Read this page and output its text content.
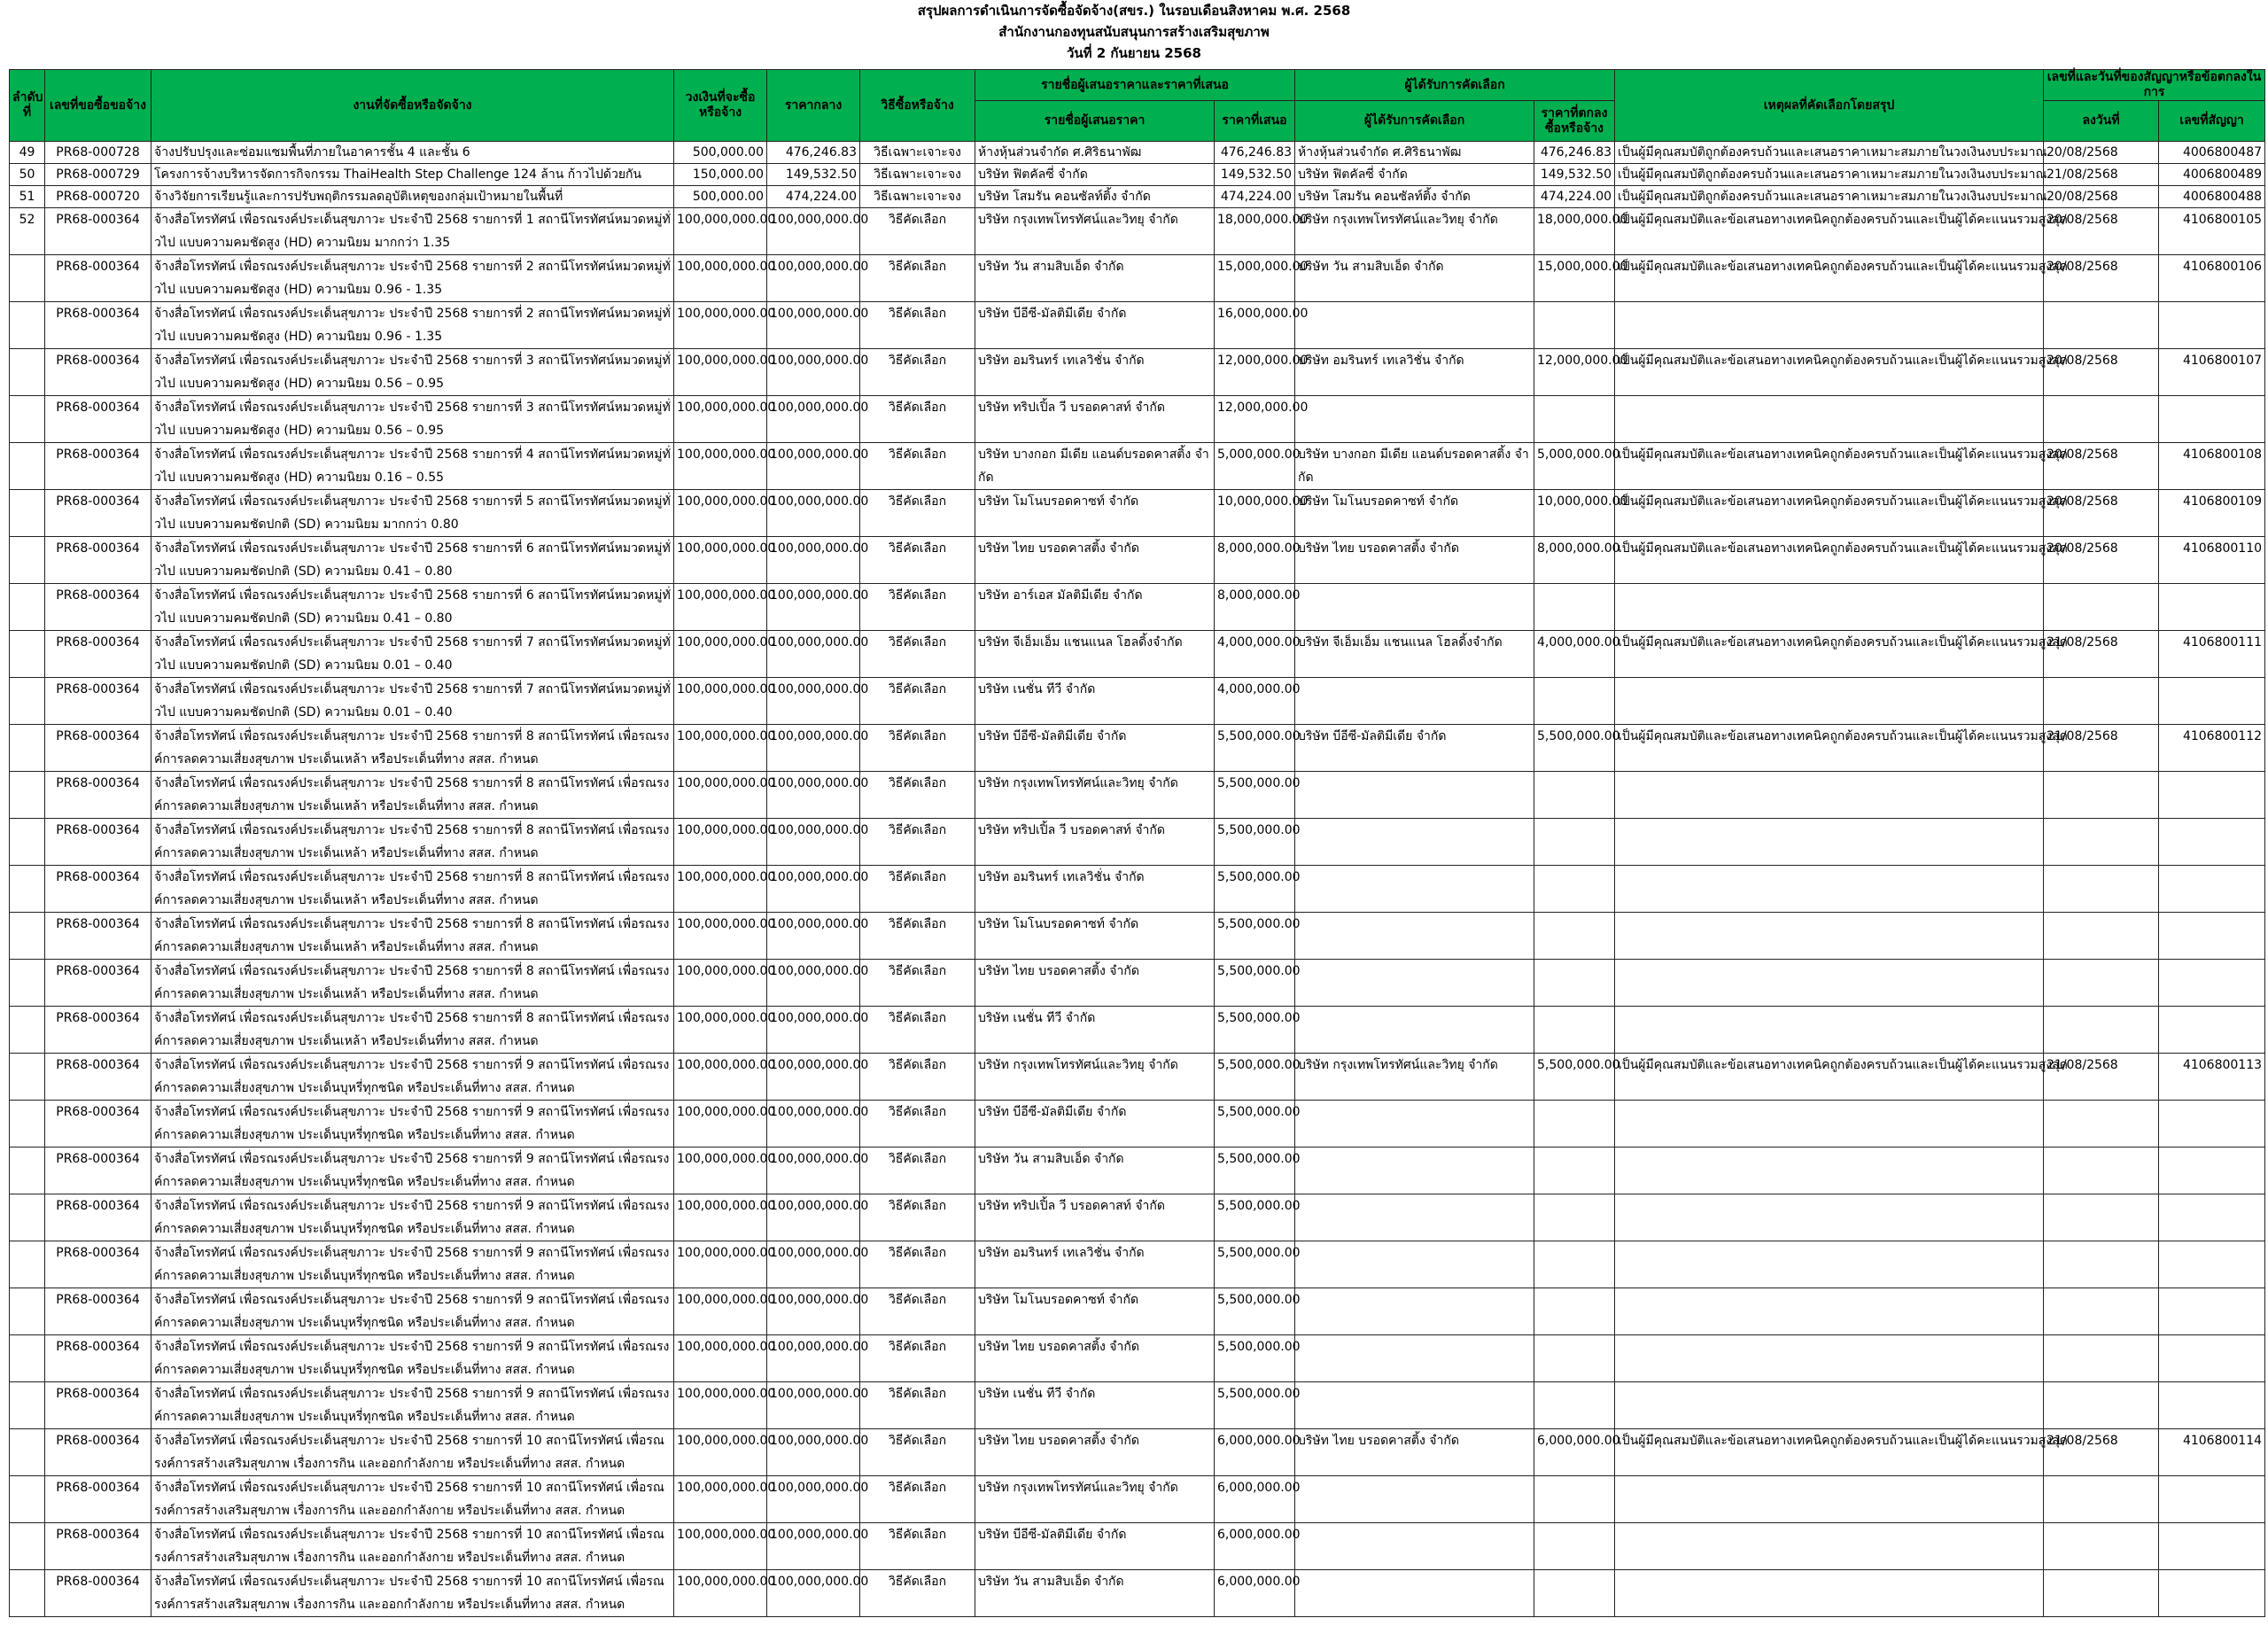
สรุปผลการดำเนินการจัดซื้อจัดจ้าง(สขร.) ในรอบเดือนสิงหาคม พ.ศ. 2568
สำนักงานกองทุนสนับสนุนการสร้างเสริมสุขภาพ
วันที่ 2 กันยายน 2568
ลำดับที่	เลขที่ขอซื้อขอจ้าง	งานที่จัดซื้อหรือจัดจ้าง	วงเงินที่จะซื้อหรือจ้าง	ราคากลาง	วิธีซื้อหรือจ้าง	รายชื่อผู้เสนอราคาและราคาที่เสนอ		ผู้ได้รับการคัดเลือก		เหตุผลที่คัดเลือกโดยสรุป	เลขที่และวันที่ของสัญญาหรือข้อตกลงในการ	
						รายชื่อผู้เสนอราคา	ราคาที่เสนอ	ผู้ได้รับการคัดเลือก	ราคาที่ตกลงซื้อหรือจ้าง		ลงวันที่	เลขที่สัญญา
49	PR68-000728	จ้างปรับปรุงและซ่อมแซมพื้นที่ภายในอาคารชั้น 4 และชั้น 6	500,000.00	476,246.83	วิธีเฉพาะเจาะจง	ห้างหุ้นส่วนจำกัด ศ.ศิริธนาพัฒ	476,246.83	ห้างหุ้นส่วนจำกัด ศ.ศิริธนาพัฒ	476,246.83	เป็นผู้มีคุณสมบัติถูกต้องครบถ้วนและเสนอราคาเหมาะสมภายในวงเงินงบประมาณ	20/08/2568	4006800487
50	PR68-000729	โครงการจ้างบริหารจัดการกิจกรรม ThaiHealth Step Challenge 124 ล้าน ก้าวไปด้วยกัน	150,000.00	149,532.50	วิธีเฉพาะเจาะจง	บริษัท ฟิตคัลซี่ จำกัด	149,532.50	บริษัท ฟิตคัลซี่ จำกัด	149,532.50	เป็นผู้มีคุณสมบัติถูกต้องครบถ้วนและเสนอราคาเหมาะสมภายในวงเงินงบประมาณ	21/08/2568	4006800489
51	PR68-000720	จ้างวิจัยการเรียนรู้และการปรับพฤติกรรมลดอุบัติเหตุของกลุ่มเป้าหมายในพื้นที่	500,000.00	474,224.00	วิธีเฉพาะเจาะจง	บริษัท โสมรัน คอนซัลท์ติ้ง จำกัด	474,224.00	บริษัท โสมรัน คอนซัลท์ติ้ง จำกัด	474,224.00	เป็นผู้มีคุณสมบัติถูกต้องครบถ้วนและเสนอราคาเหมาะสมภายในวงเงินงบประมาณ	20/08/2568	4006800488
52	PR68-000364	จ้างสื่อโทรทัศน์ เพื่อรณรงค์ประเด็นสุขภาวะ ประจำปี 2568 รายการที่ 1 สถานีโทรทัศน์หมวดหมู่ทั่วไป แบบความคมชัดสูง (HD) ความนิยม มากกว่า 1.35	100,000,000.00	100,000,000.00	วิธีคัดเลือก	บริษัท กรุงเทพโทรทัศน์และวิทยุ จำกัด	18,000,000.00	บริษัท กรุงเทพโทรทัศน์และวิทยุ จำกัด	18,000,000.00	เป็นผู้มีคุณสมบัติและข้อเสนอทางเทคนิคถูกต้องครบถ้วนและเป็นผู้ได้คะแนนรวมสูงสุด	20/08/2568	4106800105
	PR68-000364	จ้างสื่อโทรทัศน์ เพื่อรณรงค์ประเด็นสุขภาวะ ประจำปี 2568 รายการที่ 2 สถานีโทรทัศน์หมวดหมู่ทั่วไป แบบความคมชัดสูง (HD) ความนิยม 0.96 - 1.35	100,000,000.00	100,000,000.00	วิธีคัดเลือก	บริษัท วัน สามสิบเอ็ด จำกัด	15,000,000.00	บริษัท วัน สามสิบเอ็ด จำกัด	15,000,000.00	เป็นผู้มีคุณสมบัติและข้อเสนอทางเทคนิคถูกต้องครบถ้วนและเป็นผู้ได้คะแนนรวมสูงสุด	20/08/2568	4106800106
	PR68-000364	จ้างสื่อโทรทัศน์ เพื่อรณรงค์ประเด็นสุขภาวะ ประจำปี 2568 รายการที่ 2 สถานีโทรทัศน์หมวดหมู่ทั่วไป แบบความคมชัดสูง (HD) ความนิยม 0.96 - 1.35	100,000,000.00	100,000,000.00	วิธีคัดเลือก	บริษัท บีอีซี-มัลติมีเดีย จำกัด	16,000,000.00					
	PR68-000364	จ้างสื่อโทรทัศน์ เพื่อรณรงค์ประเด็นสุขภาวะ ประจำปี 2568 รายการที่ 3 สถานีโทรทัศน์หมวดหมู่ทั่วไป แบบความคมชัดสูง (HD) ความนิยม 0.56 – 0.95	100,000,000.00	100,000,000.00	วิธีคัดเลือก	บริษัท อมรินทร์ เทเลวิชั่น จำกัด	12,000,000.00	บริษัท อมรินทร์ เทเลวิชั่น จำกัด	12,000,000.00	เป็นผู้มีคุณสมบัติและข้อเสนอทางเทคนิคถูกต้องครบถ้วนและเป็นผู้ได้คะแนนรวมสูงสุด	20/08/2568	4106800107
	PR68-000364	จ้างสื่อโทรทัศน์ เพื่อรณรงค์ประเด็นสุขภาวะ ประจำปี 2568 รายการที่ 3 สถานีโทรทัศน์หมวดหมู่ทั่วไป แบบความคมชัดสูง (HD) ความนิยม 0.56 – 0.95	100,000,000.00	100,000,000.00	วิธีคัดเลือก	บริษัท ทริปเปิ้ล วี บรอดคาสท์ จำกัด	12,000,000.00					
	PR68-000364	จ้างสื่อโทรทัศน์ เพื่อรณรงค์ประเด็นสุขภาวะ ประจำปี 2568 รายการที่ 4 สถานีโทรทัศน์หมวดหมู่ทั่วไป แบบความคมชัดสูง (HD) ความนิยม 0.16 – 0.55	100,000,000.00	100,000,000.00	วิธีคัดเลือก	บริษัท บางกอก มีเดีย แอนด์บรอดคาสติ้ง จำกัด	5,000,000.00	บริษัท บางกอก มีเดีย แอนด์บรอดคาสติ้ง จำกัด	5,000,000.00	เป็นผู้มีคุณสมบัติและข้อเสนอทางเทคนิคถูกต้องครบถ้วนและเป็นผู้ได้คะแนนรวมสูงสุด	20/08/2568	4106800108
	PR68-000364	จ้างสื่อโทรทัศน์ เพื่อรณรงค์ประเด็นสุขภาวะ ประจำปี 2568 รายการที่ 5 สถานีโทรทัศน์หมวดหมู่ทั่วไป แบบความคมชัดปกติ (SD) ความนิยม มากกว่า 0.80	100,000,000.00	100,000,000.00	วิธีคัดเลือก	บริษัท โมโนบรอดคาซท์ จำกัด	10,000,000.00	บริษัท โมโนบรอดคาซท์ จำกัด	10,000,000.00	เป็นผู้มีคุณสมบัติและข้อเสนอทางเทคนิคถูกต้องครบถ้วนและเป็นผู้ได้คะแนนรวมสูงสุด	20/08/2568	4106800109
	PR68-000364	จ้างสื่อโทรทัศน์ เพื่อรณรงค์ประเด็นสุขภาวะ ประจำปี 2568 รายการที่ 6 สถานีโทรทัศน์หมวดหมู่ทั่วไป แบบความคมชัดปกติ (SD) ความนิยม 0.41 – 0.80	100,000,000.00	100,000,000.00	วิธีคัดเลือก	บริษัท ไทย บรอดคาสติ้ง จำกัด	8,000,000.00	บริษัท ไทย บรอดคาสติ้ง จำกัด	8,000,000.00	เป็นผู้มีคุณสมบัติและข้อเสนอทางเทคนิคถูกต้องครบถ้วนและเป็นผู้ได้คะแนนรวมสูงสุด	20/08/2568	4106800110
	PR68-000364	จ้างสื่อโทรทัศน์ เพื่อรณรงค์ประเด็นสุขภาวะ ประจำปี 2568 รายการที่ 6 สถานีโทรทัศน์หมวดหมู่ทั่วไป แบบความคมชัดปกติ (SD) ความนิยม 0.41 – 0.80	100,000,000.00	100,000,000.00	วิธีคัดเลือก	บริษัท อาร์เอส มัลติมีเดีย จำกัด	8,000,000.00					
	PR68-000364	จ้างสื่อโทรทัศน์ เพื่อรณรงค์ประเด็นสุขภาวะ ประจำปี 2568 รายการที่ 7 สถานีโทรทัศน์หมวดหมู่ทั่วไป แบบความคมชัดปกติ (SD) ความนิยม 0.01 – 0.40	100,000,000.00	100,000,000.00	วิธีคัดเลือก	บริษัท จีเอ็มเอ็ม แชนแนล โฮลดิ้งจำกัด	4,000,000.00	บริษัท จีเอ็มเอ็ม แชนแนล โฮลดิ้งจำกัด	4,000,000.00	เป็นผู้มีคุณสมบัติและข้อเสนอทางเทคนิคถูกต้องครบถ้วนและเป็นผู้ได้คะแนนรวมสูงสุด	21/08/2568	4106800111
	PR68-000364	จ้างสื่อโทรทัศน์ เพื่อรณรงค์ประเด็นสุขภาวะ ประจำปี 2568 รายการที่ 7 สถานีโทรทัศน์หมวดหมู่ทั่วไป แบบความคมชัดปกติ (SD) ความนิยม 0.01 – 0.40	100,000,000.00	100,000,000.00	วิธีคัดเลือก	บริษัท เนชั่น ทีวี จำกัด	4,000,000.00					
	PR68-000364	จ้างสื่อโทรทัศน์ เพื่อรณรงค์ประเด็นสุขภาวะ ประจำปี 2568 รายการที่ 8 สถานีโทรทัศน์ เพื่อรณรงค์การลดความเสี่ยงสุขภาพ ประเด็นเหล้า หรือประเด็นที่ทาง สสส. กำหนด	100,000,000.00	100,000,000.00	วิธีคัดเลือก	บริษัท บีอีซี-มัลติมีเดีย จำกัด	5,500,000.00	บริษัท บีอีซี-มัลติมีเดีย จำกัด	5,500,000.00	เป็นผู้มีคุณสมบัติและข้อเสนอทางเทคนิคถูกต้องครบถ้วนและเป็นผู้ได้คะแนนรวมสูงสุด	21/08/2568	4106800112
	PR68-000364	จ้างสื่อโทรทัศน์ เพื่อรณรงค์ประเด็นสุขภาวะ ประจำปี 2568 รายการที่ 8 สถานีโทรทัศน์ เพื่อรณรงค์การลดความเสี่ยงสุขภาพ ประเด็นเหล้า หรือประเด็นที่ทาง สสส. กำหนด	100,000,000.00	100,000,000.00	วิธีคัดเลือก	บริษัท กรุงเทพโทรทัศน์และวิทยุ จำกัด	5,500,000.00					
	PR68-000364	จ้างสื่อโทรทัศน์ เพื่อรณรงค์ประเด็นสุขภาวะ ประจำปี 2568 รายการที่ 8 สถานีโทรทัศน์ เพื่อรณรงค์การลดความเสี่ยงสุขภาพ ประเด็นเหล้า หรือประเด็นที่ทาง สสส. กำหนด	100,000,000.00	100,000,000.00	วิธีคัดเลือก	บริษัท ทริปเปิ้ล วี บรอดคาสท์ จำกัด	5,500,000.00					
	PR68-000364	จ้างสื่อโทรทัศน์ เพื่อรณรงค์ประเด็นสุขภาวะ ประจำปี 2568 รายการที่ 8 สถานีโทรทัศน์ เพื่อรณรงค์การลดความเสี่ยงสุขภาพ ประเด็นเหล้า หรือประเด็นที่ทาง สสส. กำหนด	100,000,000.00	100,000,000.00	วิธีคัดเลือก	บริษัท อมรินทร์ เทเลวิชั่น จำกัด	5,500,000.00					
	PR68-000364	จ้างสื่อโทรทัศน์ เพื่อรณรงค์ประเด็นสุขภาวะ ประจำปี 2568 รายการที่ 8 สถานีโทรทัศน์ เพื่อรณรงค์การลดความเสี่ยงสุขภาพ ประเด็นเหล้า หรือประเด็นที่ทาง สสส. กำหนด	100,000,000.00	100,000,000.00	วิธีคัดเลือก	บริษัท โมโนบรอดคาซท์ จำกัด	5,500,000.00					
	PR68-000364	จ้างสื่อโทรทัศน์ เพื่อรณรงค์ประเด็นสุขภาวะ ประจำปี 2568 รายการที่ 8 สถานีโทรทัศน์ เพื่อรณรงค์การลดความเสี่ยงสุขภาพ ประเด็นเหล้า หรือประเด็นที่ทาง สสส. กำหนด	100,000,000.00	100,000,000.00	วิธีคัดเลือก	บริษัท ไทย บรอดคาสติ้ง จำกัด	5,500,000.00					
	PR68-000364	จ้างสื่อโทรทัศน์ เพื่อรณรงค์ประเด็นสุขภาวะ ประจำปี 2568 รายการที่ 8 สถานีโทรทัศน์ เพื่อรณรงค์การลดความเสี่ยงสุขภาพ ประเด็นเหล้า หรือประเด็นที่ทาง สสส. กำหนด	100,000,000.00	100,000,000.00	วิธีคัดเลือก	บริษัท เนชั่น ทีวี จำกัด	5,500,000.00					
	PR68-000364	จ้างสื่อโทรทัศน์ เพื่อรณรงค์ประเด็นสุขภาวะ ประจำปี 2568 รายการที่ 9 สถานีโทรทัศน์ เพื่อรณรงค์การลดความเสี่ยงสุขภาพ ประเด็นบุหรี่ทุกชนิด หรือประเด็นที่ทาง สสส. กำหนด	100,000,000.00	100,000,000.00	วิธีคัดเลือก	บริษัท กรุงเทพโทรทัศน์และวิทยุ จำกัด	5,500,000.00	บริษัท กรุงเทพโทรทัศน์และวิทยุ จำกัด	5,500,000.00	เป็นผู้มีคุณสมบัติและข้อเสนอทางเทคนิคถูกต้องครบถ้วนและเป็นผู้ได้คะแนนรวมสูงสุด	21/08/2568	4106800113
	PR68-000364	จ้างสื่อโทรทัศน์ เพื่อรณรงค์ประเด็นสุขภาวะ ประจำปี 2568 รายการที่ 9 สถานีโทรทัศน์ เพื่อรณรงค์การลดความเสี่ยงสุขภาพ ประเด็นบุหรี่ทุกชนิด หรือประเด็นที่ทาง สสส. กำหนด	100,000,000.00	100,000,000.00	วิธีคัดเลือก	บริษัท บีอีซี-มัลติมีเดีย จำกัด	5,500,000.00					
	PR68-000364	จ้างสื่อโทรทัศน์ เพื่อรณรงค์ประเด็นสุขภาวะ ประจำปี 2568 รายการที่ 9 สถานีโทรทัศน์ เพื่อรณรงค์การลดความเสี่ยงสุขภาพ ประเด็นบุหรี่ทุกชนิด หรือประเด็นที่ทาง สสส. กำหนด	100,000,000.00	100,000,000.00	วิธีคัดเลือก	บริษัท วัน สามสิบเอ็ด จำกัด	5,500,000.00					
	PR68-000364	จ้างสื่อโทรทัศน์ เพื่อรณรงค์ประเด็นสุขภาวะ ประจำปี 2568 รายการที่ 9 สถานีโทรทัศน์ เพื่อรณรงค์การลดความเสี่ยงสุขภาพ ประเด็นบุหรี่ทุกชนิด หรือประเด็นที่ทาง สสส. กำหนด	100,000,000.00	100,000,000.00	วิธีคัดเลือก	บริษัท ทริปเปิ้ล วี บรอดคาสท์ จำกัด	5,500,000.00					
	PR68-000364	จ้างสื่อโทรทัศน์ เพื่อรณรงค์ประเด็นสุขภาวะ ประจำปี 2568 รายการที่ 9 สถานีโทรทัศน์ เพื่อรณรงค์การลดความเสี่ยงสุขภาพ ประเด็นบุหรี่ทุกชนิด หรือประเด็นที่ทาง สสส. กำหนด	100,000,000.00	100,000,000.00	วิธีคัดเลือก	บริษัท อมรินทร์ เทเลวิชั่น จำกัด	5,500,000.00					
	PR68-000364	จ้างสื่อโทรทัศน์ เพื่อรณรงค์ประเด็นสุขภาวะ ประจำปี 2568 รายการที่ 9 สถานีโทรทัศน์ เพื่อรณรงค์การลดความเสี่ยงสุขภาพ ประเด็นบุหรี่ทุกชนิด หรือประเด็นที่ทาง สสส. กำหนด	100,000,000.00	100,000,000.00	วิธีคัดเลือก	บริษัท โมโนบรอดคาซท์ จำกัด	5,500,000.00					
	PR68-000364	จ้างสื่อโทรทัศน์ เพื่อรณรงค์ประเด็นสุขภาวะ ประจำปี 2568 รายการที่ 9 สถานีโทรทัศน์ เพื่อรณรงค์การลดความเสี่ยงสุขภาพ ประเด็นบุหรี่ทุกชนิด หรือประเด็นที่ทาง สสส. กำหนด	100,000,000.00	100,000,000.00	วิธีคัดเลือก	บริษัท ไทย บรอดคาสติ้ง จำกัด	5,500,000.00					
	PR68-000364	จ้างสื่อโทรทัศน์ เพื่อรณรงค์ประเด็นสุขภาวะ ประจำปี 2568 รายการที่ 9 สถานีโทรทัศน์ เพื่อรณรงค์การลดความเสี่ยงสุขภาพ ประเด็นบุหรี่ทุกชนิด หรือประเด็นที่ทาง สสส. กำหนด	100,000,000.00	100,000,000.00	วิธีคัดเลือก	บริษัท เนชั่น ทีวี จำกัด	5,500,000.00					
	PR68-000364	จ้างสื่อโทรทัศน์ เพื่อรณรงค์ประเด็นสุขภาวะ ประจำปี 2568 รายการที่ 10 สถานีโทรทัศน์ เพื่อรณรงค์การสร้างเสริมสุขภาพ เรื่องการกิน และออกกำลังกาย หรือประเด็นที่ทาง สสส. กำหนด	100,000,000.00	100,000,000.00	วิธีคัดเลือก	บริษัท ไทย บรอดคาสติ้ง จำกัด	6,000,000.00	บริษัท ไทย บรอดคาสติ้ง จำกัด	6,000,000.00	เป็นผู้มีคุณสมบัติและข้อเสนอทางเทคนิคถูกต้องครบถ้วนและเป็นผู้ได้คะแนนรวมสูงสุด	21/08/2568	4106800114
	PR68-000364	จ้างสื่อโทรทัศน์ เพื่อรณรงค์ประเด็นสุขภาวะ ประจำปี 2568 รายการที่ 10 สถานีโทรทัศน์ เพื่อรณรงค์การสร้างเสริมสุขภาพ เรื่องการกิน และออกกำลังกาย หรือประเด็นที่ทาง สสส. กำหนด	100,000,000.00	100,000,000.00	วิธีคัดเลือก	บริษัท กรุงเทพโทรทัศน์และวิทยุ จำกัด	6,000,000.00					
	PR68-000364	จ้างสื่อโทรทัศน์ เพื่อรณรงค์ประเด็นสุขภาวะ ประจำปี 2568 รายการที่ 10 สถานีโทรทัศน์ เพื่อรณรงค์การสร้างเสริมสุขภาพ เรื่องการกิน และออกกำลังกาย หรือประเด็นที่ทาง สสส. กำหนด	100,000,000.00	100,000,000.00	วิธีคัดเลือก	บริษัท บีอีซี-มัลติมีเดีย จำกัด	6,000,000.00					
	PR68-000364	จ้างสื่อโทรทัศน์ เพื่อรณรงค์ประเด็นสุขภาวะ ประจำปี 2568 รายการที่ 10 สถานีโทรทัศน์ เพื่อรณรงค์การสร้างเสริมสุขภาพ เรื่องการกิน และออกกำลังกาย หรือประเด็นที่ทาง สสส. กำหนด	100,000,000.00	100,000,000.00	วิธีคัดเลือก	บริษัท วัน สามสิบเอ็ด จำกัด	6,000,000.00					
